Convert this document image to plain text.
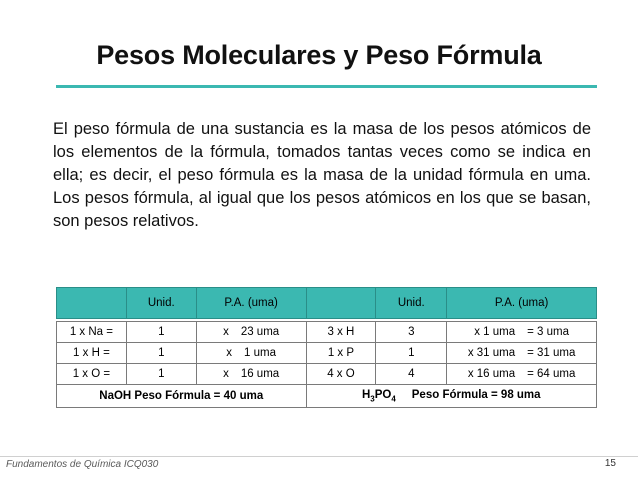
Pesos Moleculares y Peso Fórmula
El peso fórmula de una sustancia es la masa de los pesos atómicos de los elementos de la fórmula, tomados tantas veces como se indica en ella; es decir, el peso fórmula es la masa de la unidad fórmula en uma. Los pesos fórmula, al igual que los pesos atómicos en los que se basan, son pesos relativos.
	Unid.	P.A. (uma)		Unid.	P.A. (uma)

1 x Na =	1	x 23 uma	3 x H	3	x 1 uma = 3 uma

1 x H =	1	x 1 uma	1 x P	1	x 31 uma = 31 uma

1 x O =	1	x 16 uma	4 x O	4	x 16 uma = 64 uma

NaOH Peso Fórmula = 40 uma			$H_3PO_4$ Peso Fórmula = 98 uma		
Fundamentos de Química ICQ030	15
